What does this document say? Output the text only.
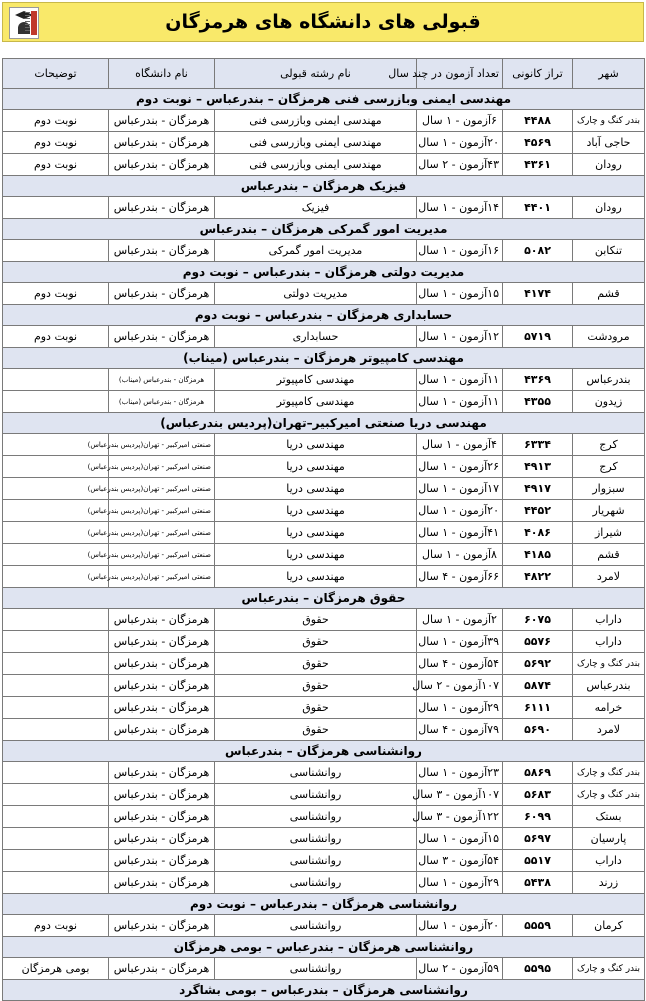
قبولی های دانشگاه های هرمزگان
شهر	تراز کانونی	تعداد آزمون در چند سال	نام رشته قبولی	نام دانشگاه	توضیحات
مهندسی ایمنی وبازرسی فنی هرمزگان – بندرعباس – نوبت دوم					
بندر کنگ و چارک	۴۴۸۸	۶آزمون - ۱ سال	مهندسی ایمنی وبازرسی فنی	هرمزگان - بندرعباس	نوبت دوم
حاجی آباد	۴۵۶۹	۲۰آزمون - ۱ سال	مهندسی ایمنی وبازرسی فنی	هرمزگان - بندرعباس	نوبت دوم
رودان	۴۳۶۱	۴۳آزمون - ۲ سال	مهندسی ایمنی وبازرسی فنی	هرمزگان - بندرعباس	نوبت دوم
فیزیک هرمزگان – بندرعباس					
رودان	۴۴۰۱	۱۴آزمون - ۱ سال	فیزیک	هرمزگان - بندرعباس	
مدیریت امور گمرکی هرمزگان – بندرعباس					
تنکابن	۵۰۸۲	۱۶آزمون - ۱ سال	مدیریت امور گمرکی	هرمزگان - بندرعباس	
مدیریت دولتی هرمزگان – بندرعباس – نوبت دوم					
قشم	۴۱۷۴	۱۵آزمون - ۱ سال	مدیریت دولتی	هرمزگان - بندرعباس	نوبت دوم
حسابداری هرمزگان – بندرعباس – نوبت دوم					
مرودشت	۵۷۱۹	۱۲آزمون - ۱ سال	حسابداری	هرمزگان - بندرعباس	نوبت دوم
مهندسی کامپیوتر هرمزگان – بندرعباس (میناب)					
بندرعباس	۴۳۶۹	۱۱آزمون - ۱ سال	مهندسی کامپیوتر	هرمزگان - بندرعباس (میناب)	
زیدون	۴۳۵۵	۱۱آزمون - ۱ سال	مهندسی کامپیوتر	هرمزگان - بندرعباس (میناب)	
مهندسی دریا صنعتی امیرکبیر–تهران(پردیس بندرعباس)					
کرج	۶۳۳۴	۴آزمون - ۱ سال	مهندسی دریا	صنعتی امیرکبیر - تهران(پردیس بندرعباس)	
کرج	۴۹۱۳	۲۶آزمون - ۱ سال	مهندسی دریا	صنعتی امیرکبیر - تهران(پردیس بندرعباس)	
سبزوار	۴۹۱۷	۱۷آزمون - ۱ سال	مهندسی دریا	صنعتی امیرکبیر - تهران(پردیس بندرعباس)	
شهریار	۴۴۵۲	۲۰آزمون - ۱ سال	مهندسی دریا	صنعتی امیرکبیر - تهران(پردیس بندرعباس)	
شیراز	۴۰۸۶	۴۱آزمون - ۱ سال	مهندسی دریا	صنعتی امیرکبیر - تهران(پردیس بندرعباس)	
قشم	۴۱۸۵	۸آزمون - ۱ سال	مهندسی دریا	صنعتی امیرکبیر - تهران(پردیس بندرعباس)	
لامرد	۴۸۲۲	۶۶آزمون - ۴ سال	مهندسی دریا	صنعتی امیرکبیر - تهران(پردیس بندرعباس)	
حقوق هرمزگان – بندرعباس					
داراب	۶۰۷۵	۲آزمون - ۱ سال	حقوق	هرمزگان - بندرعباس	
داراب	۵۵۷۶	۳۹آزمون - ۱ سال	حقوق	هرمزگان - بندرعباس	
بندر کنگ و چارک	۵۶۹۲	۵۴آزمون - ۴ سال	حقوق	هرمزگان - بندرعباس	
بندرعباس	۵۸۷۴	۱۰۷آزمون - ۲ سال	حقوق	هرمزگان - بندرعباس	
خرامه	۶۱۱۱	۲۹آزمون - ۱ سال	حقوق	هرمزگان - بندرعباس	
لامرد	۵۶۹۰	۷۹آزمون - ۴ سال	حقوق	هرمزگان - بندرعباس	
روانشناسی هرمزگان – بندرعباس					
بندر کنگ و چارک	۵۸۶۹	۲۳آزمون - ۱ سال	روانشناسی	هرمزگان - بندرعباس	
بندر کنگ و چارک	۵۶۸۳	۱۰۷آزمون - ۳ سال	روانشناسی	هرمزگان - بندرعباس	
بستک	۶۰۹۹	۱۲۲آزمون - ۳ سال	روانشناسی	هرمزگان - بندرعباس	
پارسیان	۵۶۹۷	۱۵آزمون - ۱ سال	روانشناسی	هرمزگان - بندرعباس	
داراب	۵۵۱۷	۵۴آزمون - ۳ سال	روانشناسی	هرمزگان - بندرعباس	
زرند	۵۴۳۸	۲۹آزمون - ۱ سال	روانشناسی	هرمزگان - بندرعباس	
روانشناسی هرمزگان – بندرعباس – نوبت دوم					
کرمان	۵۵۵۹	۲۰آزمون - ۱ سال	روانشناسی	هرمزگان - بندرعباس	نوبت دوم
روانشناسی هرمزگان – بندرعباس – بومی هرمزگان					
بندر کنگ و چارک	۵۵۹۵	۵۹آزمون - ۲ سال	روانشناسی	هرمزگان - بندرعباس	بومی هرمزگان
روانشناسی هرمزگان – بندرعباس – بومی بشاگرد					
